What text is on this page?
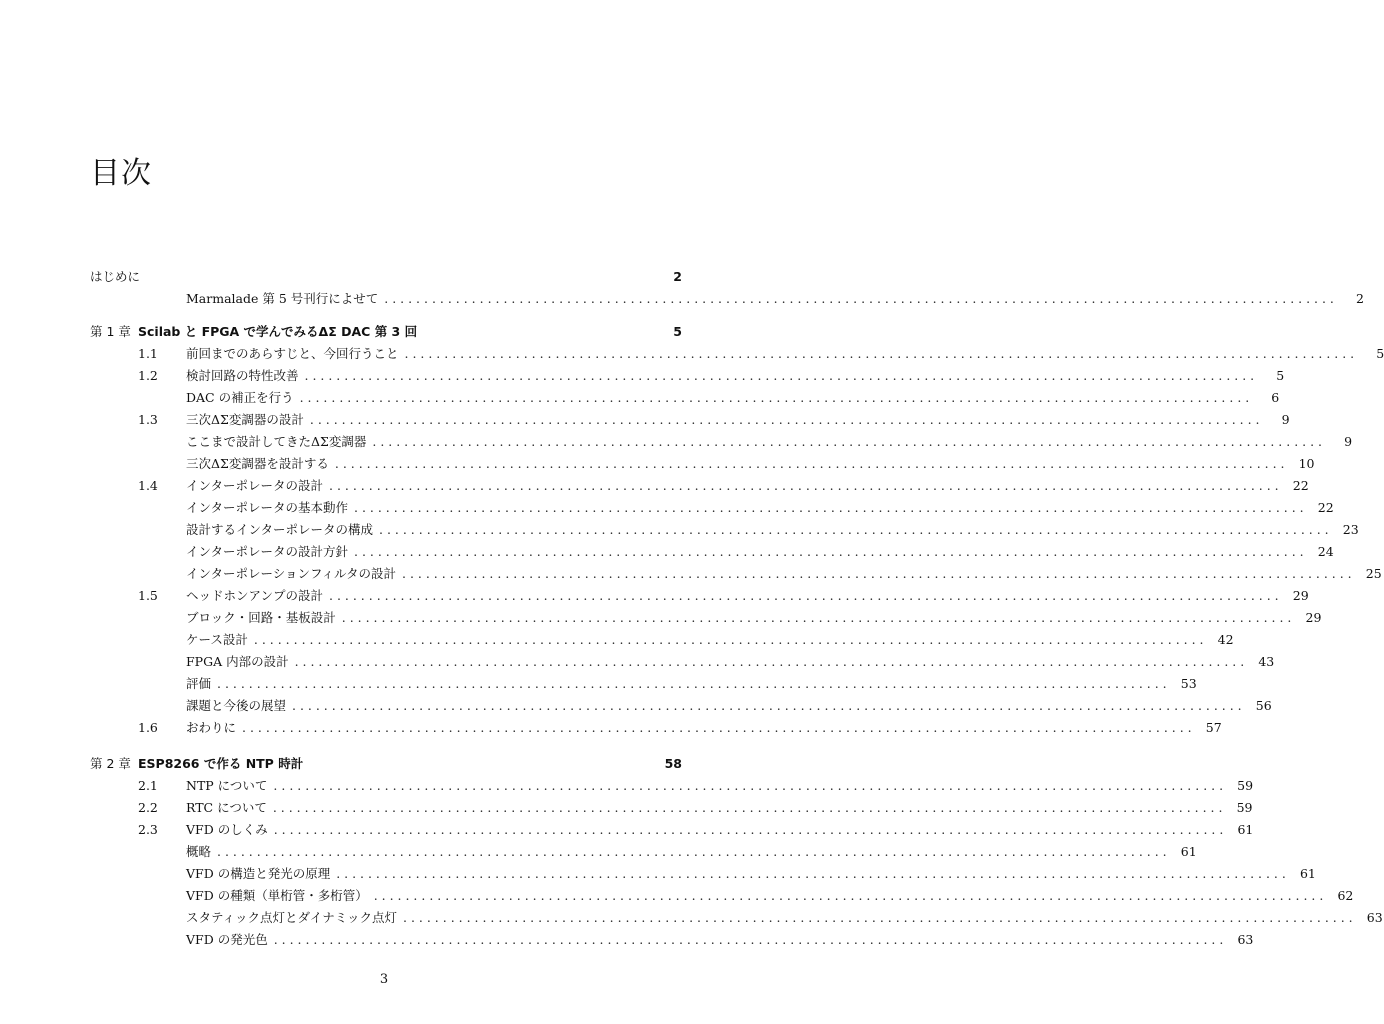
目次
はじめに	2
Marmalade 第 5 号刊行によせて . . . . . . . . . . . . . . . . . . . . . . . . . . . . . . . . . . . . . . . . . . . . . . . . . . . . . . . . . . . . . . . . . . . . . . . . . . . . . . . . . . . . . . . . . . . . . . . . . . . . . . . . . . . . . . . . . . . . . . . .	2
第 1 章 Scilab と FPGA で学んでみるΔΣ DAC 第 3 回	5
1.1	前回までのあらすじと、今回行うこと . . . . . . . . . . . . . . . . . . . . . . . . . . . . . . . . . . . . . . . . . . . . . . . . . . . . . . . . . . . . . . . . . . . . . . . . . . . . . . . . . . . . . . . . . . . . . . . . . . . . . . . . . . . . . . . . . . . . . . . .	5
1.2	検討回路の特性改善 . . . . . . . . . . . . . . . . . . . . . . . . . . . . . . . . . . . . . . . . . . . . . . . . . . . . . . . . . . . . . . . . . . . . . . . . . . . . . . . . . . . . . . . . . . . . . . . . . . . . . . . . . . . . . . . . . . . . . . . .	5
DAC の補正を行う . . . . . . . . . . . . . . . . . . . . . . . . . . . . . . . . . . . . . . . . . . . . . . . . . . . . . . . . . . . . . . . . . . . . . . . . . . . . . . . . . . . . . . . . . . . . . . . . . . . . . . . . . . . . . . . . . . . . . . . .	6
1.3	三次ΔΣ変調器の設計 . . . . . . . . . . . . . . . . . . . . . . . . . . . . . . . . . . . . . . . . . . . . . . . . . . . . . . . . . . . . . . . . . . . . . . . . . . . . . . . . . . . . . . . . . . . . . . . . . . . . . . . . . . . . . . . . . . . . . . . .	9
ここまで設計してきたΔΣ変調器 . . . . . . . . . . . . . . . . . . . . . . . . . . . . . . . . . . . . . . . . . . . . . . . . . . . . . . . . . . . . . . . . . . . . . . . . . . . . . . . . . . . . . . . . . . . . . . . . . . . . . . . . . . . . . . . . . . . . . . . .	9
三次ΔΣ変調器を設計する . . . . . . . . . . . . . . . . . . . . . . . . . . . . . . . . . . . . . . . . . . . . . . . . . . . . . . . . . . . . . . . . . . . . . . . . . . . . . . . . . . . . . . . . . . . . . . . . . . . . . . . . . . . . . . . . . . . . . . . .	10
1.4	インターポレータの設計 . . . . . . . . . . . . . . . . . . . . . . . . . . . . . . . . . . . . . . . . . . . . . . . . . . . . . . . . . . . . . . . . . . . . . . . . . . . . . . . . . . . . . . . . . . . . . . . . . . . . . . . . . . . . . . . . . . . . . . . .	22
インターポレータの基本動作 . . . . . . . . . . . . . . . . . . . . . . . . . . . . . . . . . . . . . . . . . . . . . . . . . . . . . . . . . . . . . . . . . . . . . . . . . . . . . . . . . . . . . . . . . . . . . . . . . . . . . . . . . . . . . . . . . . . . . . . .	22
設計するインターポレータの構成 . . . . . . . . . . . . . . . . . . . . . . . . . . . . . . . . . . . . . . . . . . . . . . . . . . . . . . . . . . . . . . . . . . . . . . . . . . . . . . . . . . . . . . . . . . . . . . . . . . . . . . . . . . . . . . . . . . . . . . . .	23
インターポレータの設計方針 . . . . . . . . . . . . . . . . . . . . . . . . . . . . . . . . . . . . . . . . . . . . . . . . . . . . . . . . . . . . . . . . . . . . . . . . . . . . . . . . . . . . . . . . . . . . . . . . . . . . . . . . . . . . . . . . . . . . . . . .	24
インターポレーションフィルタの設計 . . . . . . . . . . . . . . . . . . . . . . . . . . . . . . . . . . . . . . . . . . . . . . . . . . . . . . . . . . . . . . . . . . . . . . . . . . . . . . . . . . . . . . . . . . . . . . . . . . . . . . . . . . . . . . . . . . . . . . . .	25
1.5	ヘッドホンアンプの設計 . . . . . . . . . . . . . . . . . . . . . . . . . . . . . . . . . . . . . . . . . . . . . . . . . . . . . . . . . . . . . . . . . . . . . . . . . . . . . . . . . . . . . . . . . . . . . . . . . . . . . . . . . . . . . . . . . . . . . . . .	29
ブロック・回路・基板設計 . . . . . . . . . . . . . . . . . . . . . . . . . . . . . . . . . . . . . . . . . . . . . . . . . . . . . . . . . . . . . . . . . . . . . . . . . . . . . . . . . . . . . . . . . . . . . . . . . . . . . . . . . . . . . . . . . . . . . . . .	29
ケース設計 . . . . . . . . . . . . . . . . . . . . . . . . . . . . . . . . . . . . . . . . . . . . . . . . . . . . . . . . . . . . . . . . . . . . . . . . . . . . . . . . . . . . . . . . . . . . . . . . . . . . . . . . . . . . . . . . . . . . . . . .	42
FPGA 内部の設計 . . . . . . . . . . . . . . . . . . . . . . . . . . . . . . . . . . . . . . . . . . . . . . . . . . . . . . . . . . . . . . . . . . . . . . . . . . . . . . . . . . . . . . . . . . . . . . . . . . . . . . . . . . . . . . . . . . . . . . . .	43
評価 . . . . . . . . . . . . . . . . . . . . . . . . . . . . . . . . . . . . . . . . . . . . . . . . . . . . . . . . . . . . . . . . . . . . . . . . . . . . . . . . . . . . . . . . . . . . . . . . . . . . . . . . . . . . . . . . . . . . . . . .	53
課題と今後の展望 . . . . . . . . . . . . . . . . . . . . . . . . . . . . . . . . . . . . . . . . . . . . . . . . . . . . . . . . . . . . . . . . . . . . . . . . . . . . . . . . . . . . . . . . . . . . . . . . . . . . . . . . . . . . . . . . . . . . . . . .	56
1.6	おわりに . . . . . . . . . . . . . . . . . . . . . . . . . . . . . . . . . . . . . . . . . . . . . . . . . . . . . . . . . . . . . . . . . . . . . . . . . . . . . . . . . . . . . . . . . . . . . . . . . . . . . . . . . . . . . . . . . . . . . . . .	57
第 2 章 ESP8266 で作る NTP 時計	58
2.1	NTP について . . . . . . . . . . . . . . . . . . . . . . . . . . . . . . . . . . . . . . . . . . . . . . . . . . . . . . . . . . . . . . . . . . . . . . . . . . . . . . . . . . . . . . . . . . . . . . . . . . . . . . . . . . . . . . . . . . . . . . . .	59
2.2	RTC について . . . . . . . . . . . . . . . . . . . . . . . . . . . . . . . . . . . . . . . . . . . . . . . . . . . . . . . . . . . . . . . . . . . . . . . . . . . . . . . . . . . . . . . . . . . . . . . . . . . . . . . . . . . . . . . . . . . . . . . .	59
2.3	VFD のしくみ . . . . . . . . . . . . . . . . . . . . . . . . . . . . . . . . . . . . . . . . . . . . . . . . . . . . . . . . . . . . . . . . . . . . . . . . . . . . . . . . . . . . . . . . . . . . . . . . . . . . . . . . . . . . . . . . . . . . . . . .	61
概略 . . . . . . . . . . . . . . . . . . . . . . . . . . . . . . . . . . . . . . . . . . . . . . . . . . . . . . . . . . . . . . . . . . . . . . . . . . . . . . . . . . . . . . . . . . . . . . . . . . . . . . . . . . . . . . . . . . . . . . . .	61
VFD の構造と発光の原理 . . . . . . . . . . . . . . . . . . . . . . . . . . . . . . . . . . . . . . . . . . . . . . . . . . . . . . . . . . . . . . . . . . . . . . . . . . . . . . . . . . . . . . . . . . . . . . . . . . . . . . . . . . . . . . . . . . . . . . . .	61
VFD の種類（単桁管・多桁管） . . . . . . . . . . . . . . . . . . . . . . . . . . . . . . . . . . . . . . . . . . . . . . . . . . . . . . . . . . . . . . . . . . . . . . . . . . . . . . . . . . . . . . . . . . . . . . . . . . . . . . . . . . . . . . . . . . . . . . . .	62
スタティック点灯とダイナミック点灯 . . . . . . . . . . . . . . . . . . . . . . . . . . . . . . . . . . . . . . . . . . . . . . . . . . . . . . . . . . . . . . . . . . . . . . . . . . . . . . . . . . . . . . . . . . . . . . . . . . . . . . . . . . . . . . . . . . . . . . . .	63
VFD の発光色 . . . . . . . . . . . . . . . . . . . . . . . . . . . . . . . . . . . . . . . . . . . . . . . . . . . . . . . . . . . . . . . . . . . . . . . . . . . . . . . . . . . . . . . . . . . . . . . . . . . . . . . . . . . . . . . . . . . . . . . .	63
3
